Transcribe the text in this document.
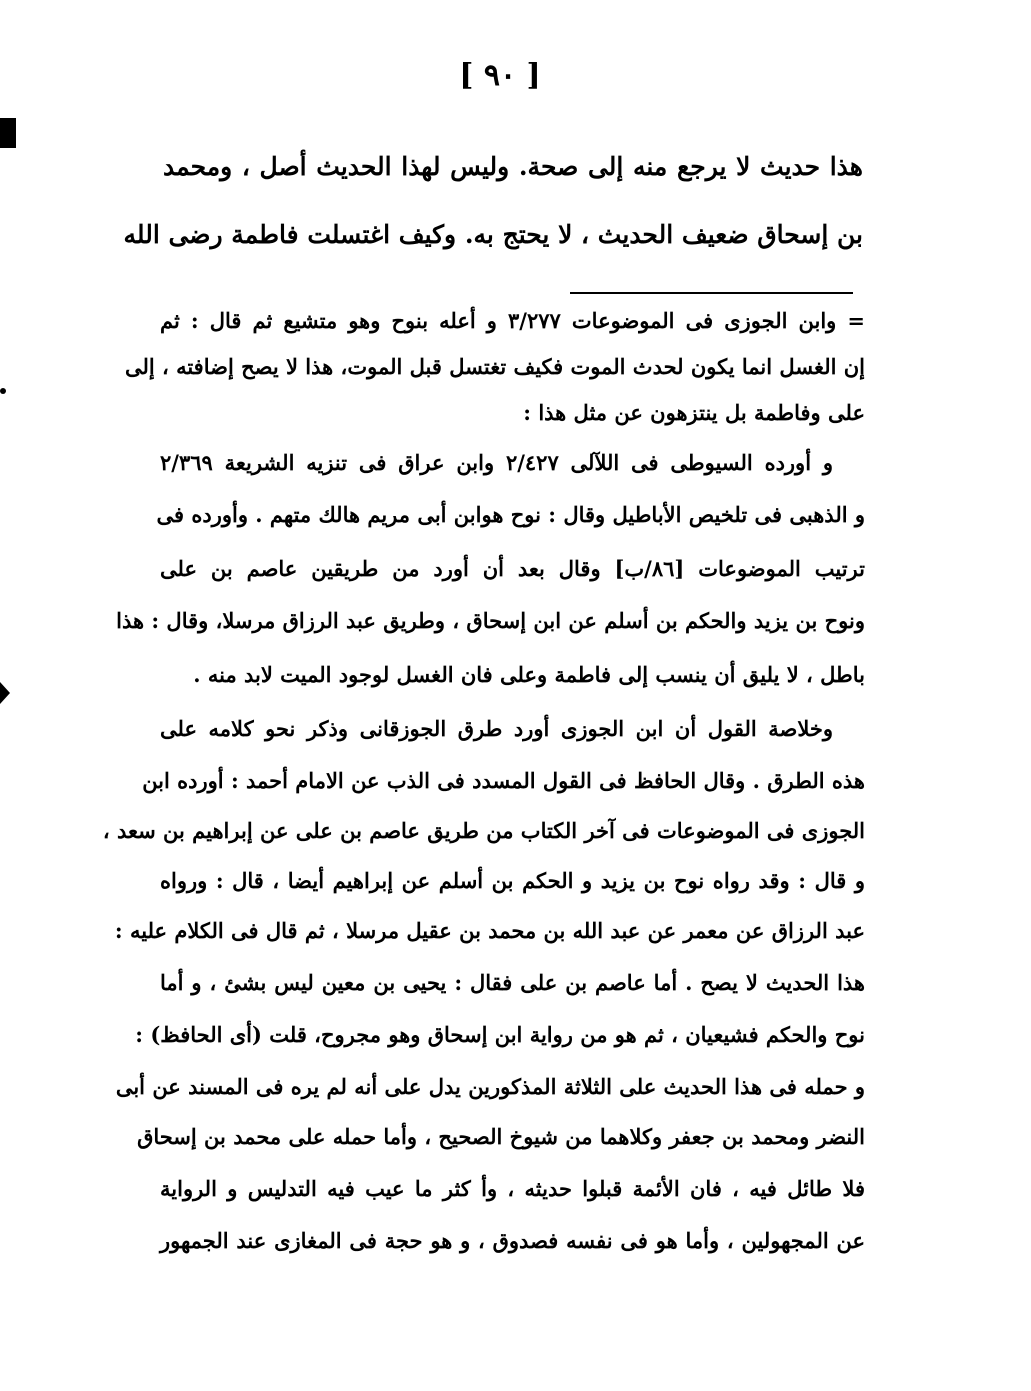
[ ٩٠ ]
هذا حديث لا يرجع منه إلى صحة. وليس لهذا الحديث أصل ، ومحمد
بن إسحاق ضعيف الحديث ، لا يحتج به. وكيف اغتسلت فاطمة رضى الله
= وابن الجوزى فى الموضوعات ٣/٢٧٧ و أعله بنوح وهو متشيع ثم قال : ثم
إن الغسل انما يكون لحدث الموت فكيف تغتسل قبل الموت، هذا لا يصح إضافته ، إلى
على وفاطمة بل ينتزهون عن مثل هذا :
و أورده السيوطى فى اللآلى ٢/٤٢٧ وابن عراق فى تنزيه الشريعة ٢/٣٦٩
و الذهبى فى تلخيص الأباطيل وقال : نوح هوابن أبى مريم هالك متهم . وأورده فى
ترتيب الموضوعات [٨٦/ب] وقال بعد أن أورد من طريقين عاصم بن على
ونوح بن يزيد والحكم بن أسلم عن ابن إسحاق ، وطريق عبد الرزاق مرسلا، وقال : هذا
باطل ، لا يليق أن ينسب إلى فاطمة وعلى فان الغسل لوجود الميت لابد منه .
وخلاصة القول أن ابن الجوزى أورد طرق الجوزقانى وذكر نحو كلامه على
هذه الطرق . وقال الحافظ فى القول المسدد فى الذب عن الامام أحمد : أورده ابن
الجوزى فى الموضوعات فى آخر الكتاب من طريق عاصم بن على عن إبراهيم بن سعد ،
و قال : وقد رواه نوح بن يزيد و الحكم بن أسلم عن إبراهيم أيضا ، قال : ورواه
عبد الرزاق عن معمر عن عبد الله بن محمد بن عقيل مرسلا ، ثم قال فى الكلام عليه :
هذا الحديث لا يصح . أما عاصم بن على فقال : يحيى بن معين ليس بشئ ، و أما
نوح والحكم فشيعيان ، ثم هو من رواية ابن إسحاق وهو مجروح، قلت (أى الحافظ) :
و حمله فى هذا الحديث على الثلاثة المذكورين يدل على أنه لم يره فى المسند عن أبى
النضر ومحمد بن جعفر وكلاهما من شيوخ الصحيح ، وأما حمله على محمد بن إسحاق
فلا طائل فيه ، فان الأئمة قبلوا حديثه ، وأ كثر ما عيب فيه التدليس و الرواية
عن المجهولين ، وأما هو فى نفسه فصدوق ، و هو حجة فى المغازى عند الجمهور
